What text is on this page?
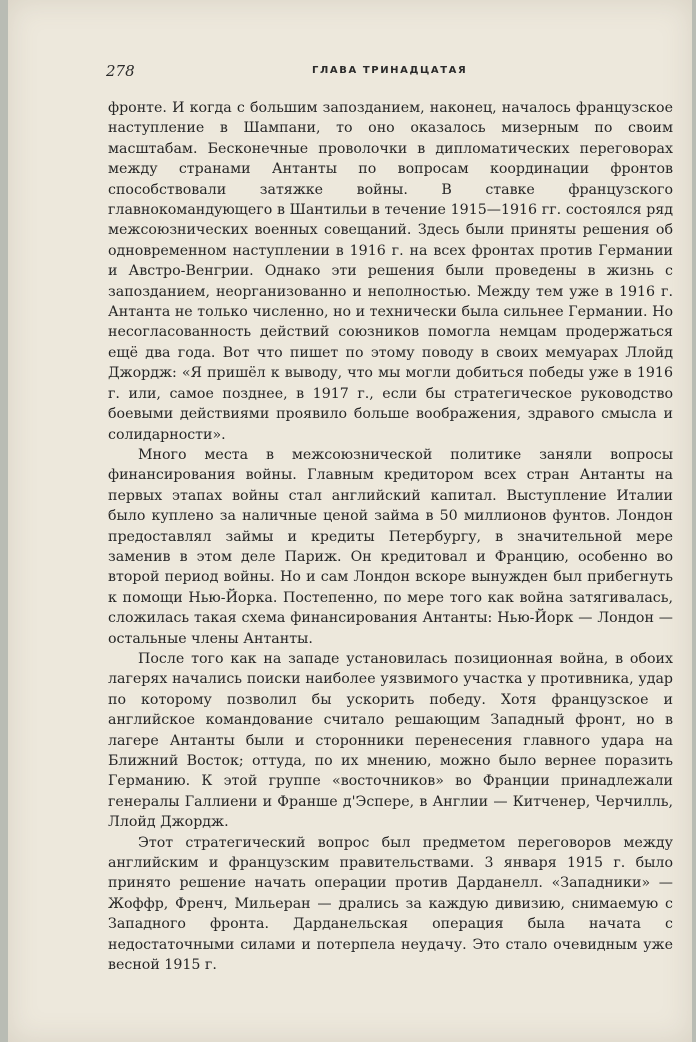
278	ГЛАВА ТРИНАДЦАТАЯ

фронте. И когда с большим запозданием, наконец, началось французское наступление в Шампани, то оно оказалось мизерным по своим масштабам. Бесконечные проволочки в дипломатических переговорах между странами Антанты по вопросам координации фронтов способствовали затяжке войны. В ставке французского главнокомандующего в Шантильи в течение 1915—1916 гг. состоялся ряд межсоюзнических военных совещаний. Здесь были приняты решения об одновременном наступлении в 1916 г. на всех фронтах против Германии и Австро-Венгрии. Однако эти решения были проведены в жизнь с запозданием, неорганизованно и неполностью. Между тем уже в 1916 г. Антанта не только численно, но и технически была сильнее Германии. Но несогласованность действий союзников помогла немцам продержаться ещё два года. Вот что пишет по этому поводу в своих мемуарах Ллойд Джордж: «Я пришёл к выводу, что мы могли добиться победы уже в 1916 г. или, самое позднее, в 1917 г., если бы стратегическое руководство боевыми действиями проявило больше воображения, здравого смысла и солидарности».

Много места в межсоюзнической политике заняли вопросы финансирования войны. Главным кредитором всех стран Антанты на первых этапах войны стал английский капитал. Выступление Италии было куплено за наличные ценой займа в 50 миллионов фунтов. Лондон предоставлял займы и кредиты Петербургу, в значительной мере заменив в этом деле Париж. Он кредитовал и Францию, особенно во второй период войны. Но и сам Лондон вскоре вынужден был прибегнуть к помощи Нью-Йорка. Постепенно, по мере того как война затягивалась, сложилась такая схема финансирования Антанты: Нью-Йорк — Лондон — остальные члены Антанты.

После того как на западе установилась позиционная война, в обоих лагерях начались поиски наиболее уязвимого участка у противника, удар по которому позволил бы ускорить победу. Хотя французское и английское командование считало решающим Западный фронт, но в лагере Антанты были и сторонники перенесения главного удара на Ближний Восток; оттуда, по их мнению, можно было вернее поразить Германию. К этой группе «восточников» во Франции принадлежали генералы Галлиени и Франше д'Эспере, в Англии — Китченер, Черчилль, Ллойд Джордж.

Этот стратегический вопрос был предметом переговоров между английским и французским правительствами. 3 января 1915 г. было принято решение начать операции против Дарданелл. «Западники» — Жоффр, Френч, Мильеран — дрались за каждую дивизию, снимаемую с Западного фронта. Дарданельская операция была начата с недостаточными силами и потерпела неудачу. Это стало очевидным уже весной 1915 г.
